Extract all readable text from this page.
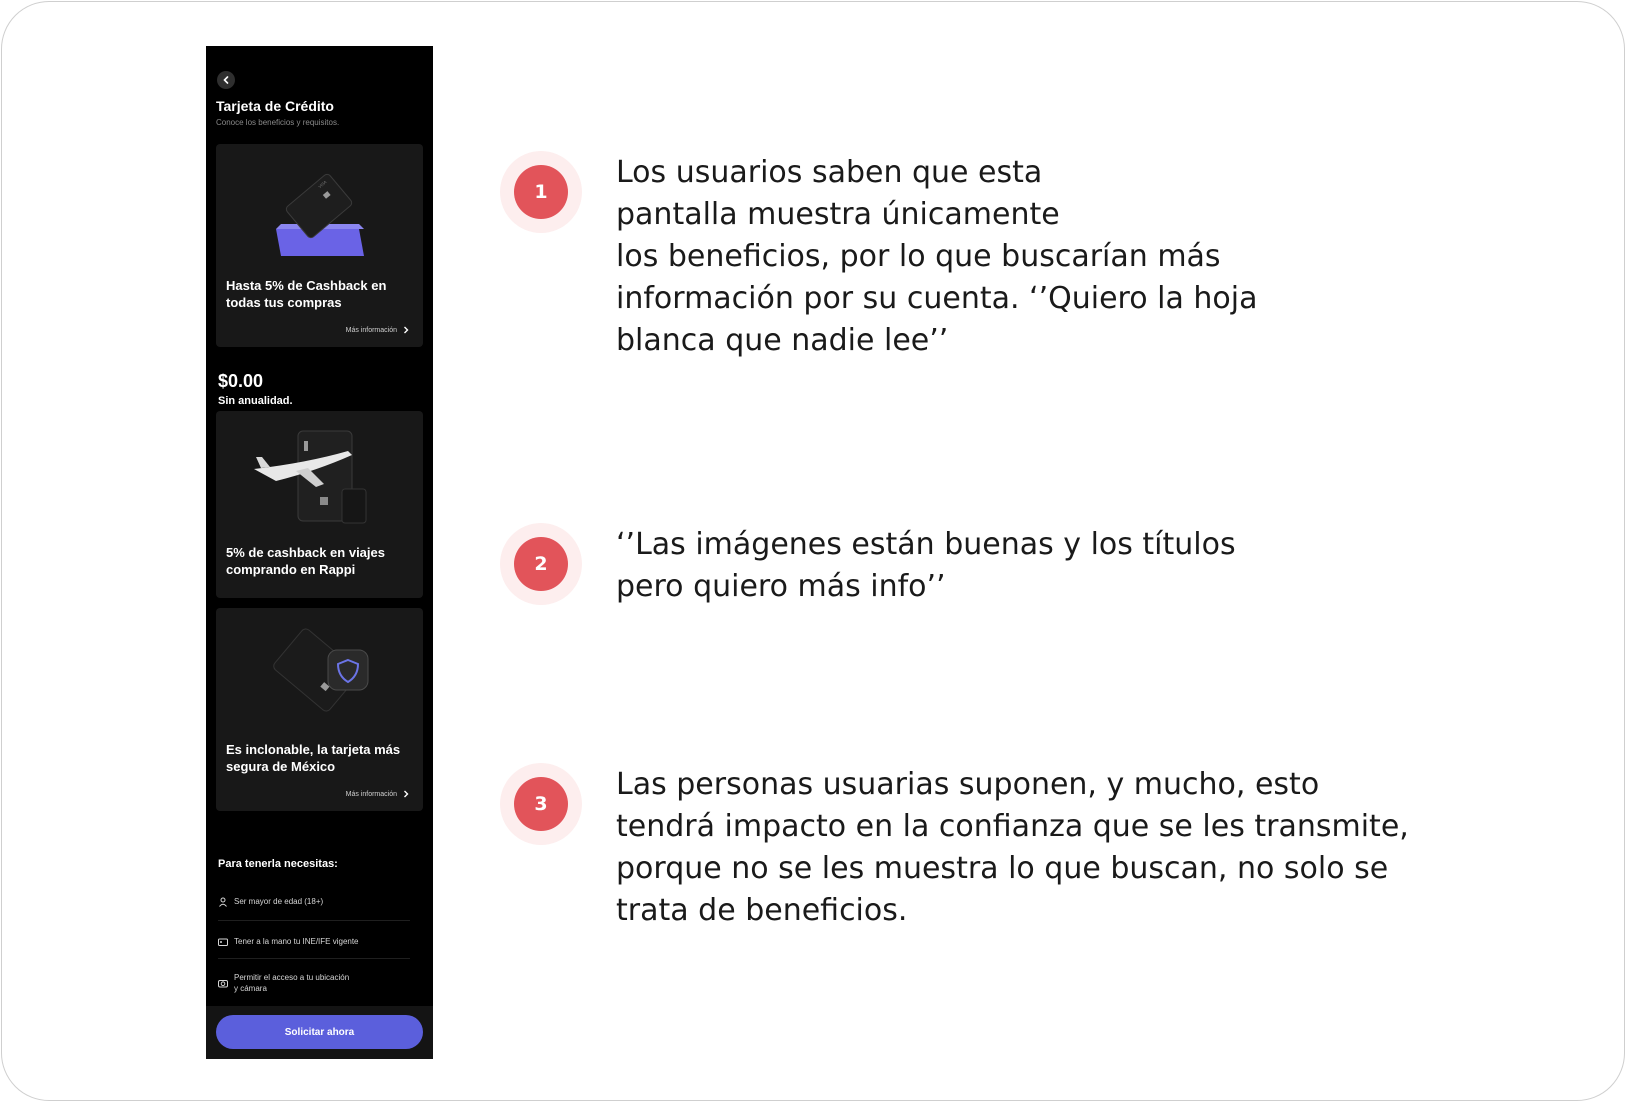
Tarjeta de Crédito
Conoce los beneficios y requisitos.
VISA
Hasta 5% de Cashback en todas tus compras
Más información
$0.00
Sin anualidad.
5% de cashback en viajes comprando en Rappi
Es inclonable, la tarjeta más segura de México
Más información
Para tenerla necesitas:
Ser mayor de edad (18+)
Tener a la mano tu INE/IFE vigente
Permitir el acceso a tu ubicación
y cámara
Solicitar ahora
1
Los usuarios saben que esta
pantalla muestra únicamente
los beneficios, por lo que buscarían más
información por su cuenta. ‘’Quiero la hoja
blanca que nadie lee’’
2
‘’Las imágenes están buenas y los títulos
pero quiero más info’’
3
Las personas usuarias suponen, y mucho, esto
tendrá impacto en la confianza que se les transmite,
porque no se les muestra lo que buscan, no solo se
trata de beneficios.
